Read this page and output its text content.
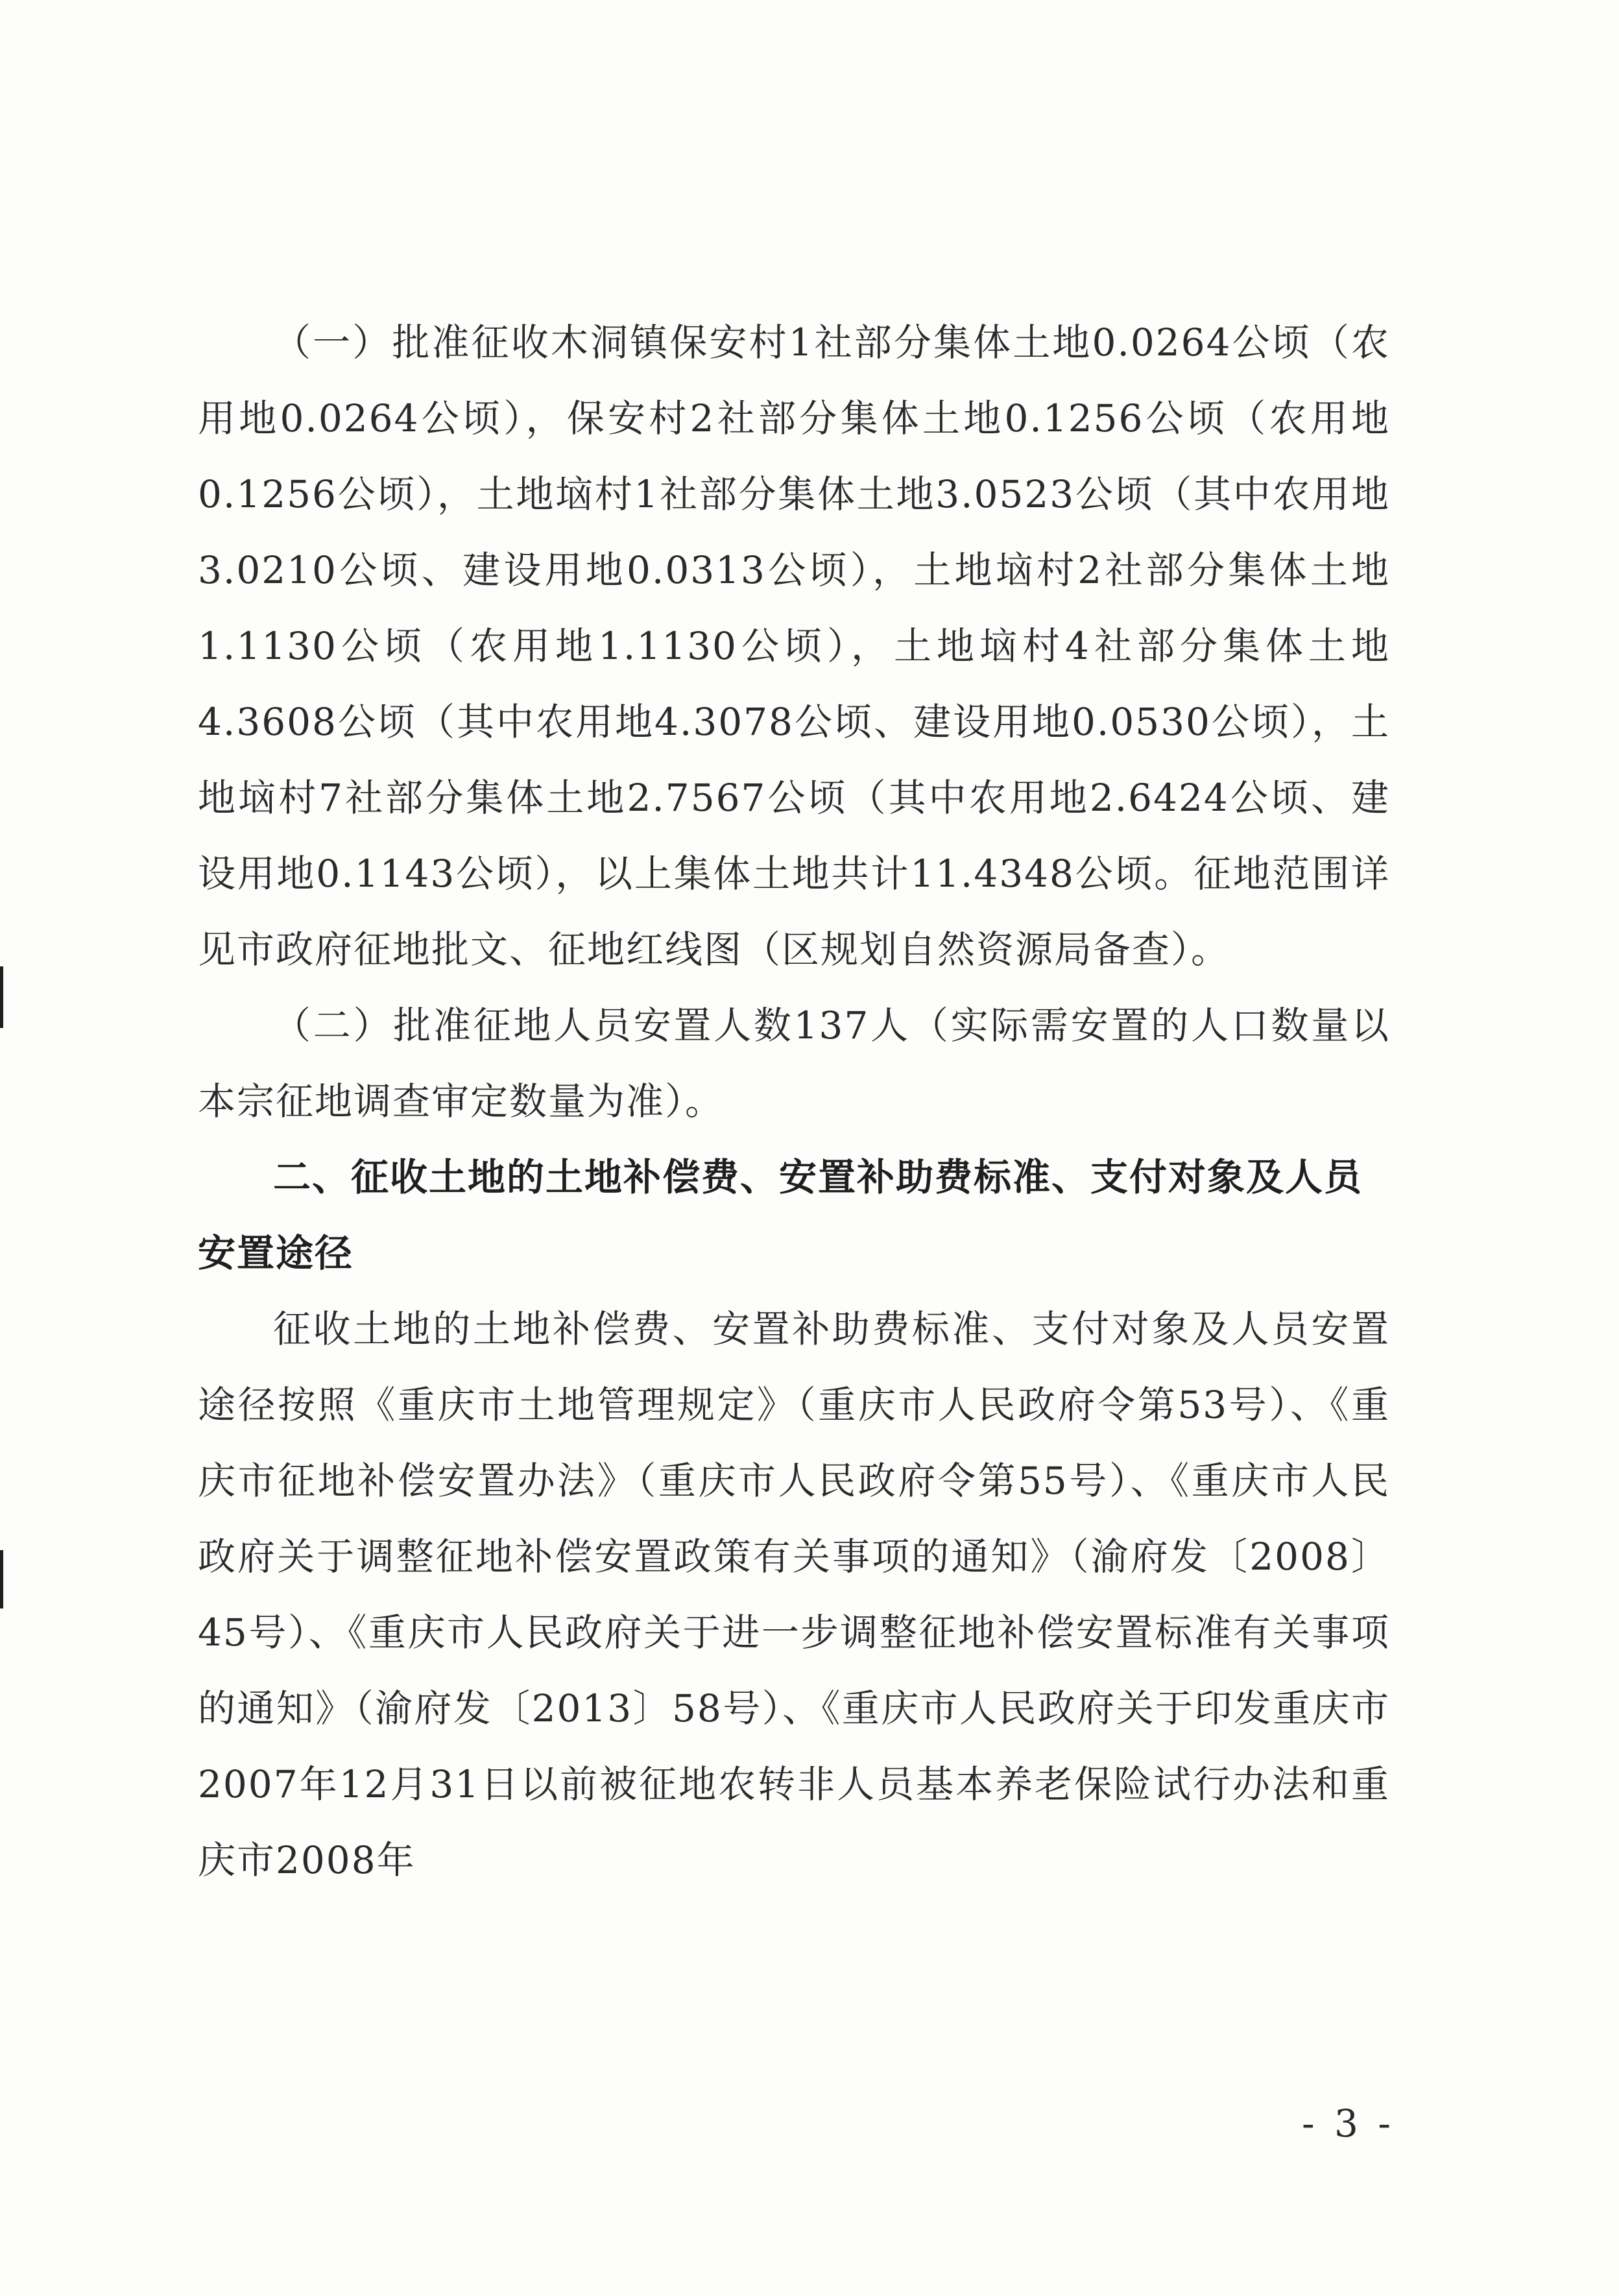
（一）批准征收木洞镇保安村1社部分集体土地0.0264公顷（农用地0.0264公顷），保安村2社部分集体土地0.1256公顷（农用地0.1256公顷），土地垴村1社部分集体土地3.0523公顷（其中农用地3.0210公顷、建设用地0.0313公顷），土地垴村2社部分集体土地1.1130公顷（农用地1.1130公顷），土地垴村4社部分集体土地4.3608公顷（其中农用地4.3078公顷、建设用地0.0530公顷），土地垴村7社部分集体土地2.7567公顷（其中农用地2.6424公顷、建设用地0.1143公顷），以上集体土地共计11.4348公顷。征地范围详见市政府征地批文、征地红线图（区规划自然资源局备查）。

（二）批准征地人员安置人数137人（实际需安置的人口数量以本宗征地调查审定数量为准）。

二、征收土地的土地补偿费、安置补助费标准、支付对象及人员安置途径

征收土地的土地补偿费、安置补助费标准、支付对象及人员安置途径按照《重庆市土地管理规定》（重庆市人民政府令第53号）、《重庆市征地补偿安置办法》（重庆市人民政府令第55号）、《重庆市人民政府关于调整征地补偿安置政策有关事项的通知》（渝府发〔2008〕45号）、《重庆市人民政府关于进一步调整征地补偿安置标准有关事项的通知》（渝府发〔2013〕58号）、《重庆市人民政府关于印发重庆市2007年12月31日以前被征地农转非人员基本养老保险试行办法和重庆市2008年

- 3 -
